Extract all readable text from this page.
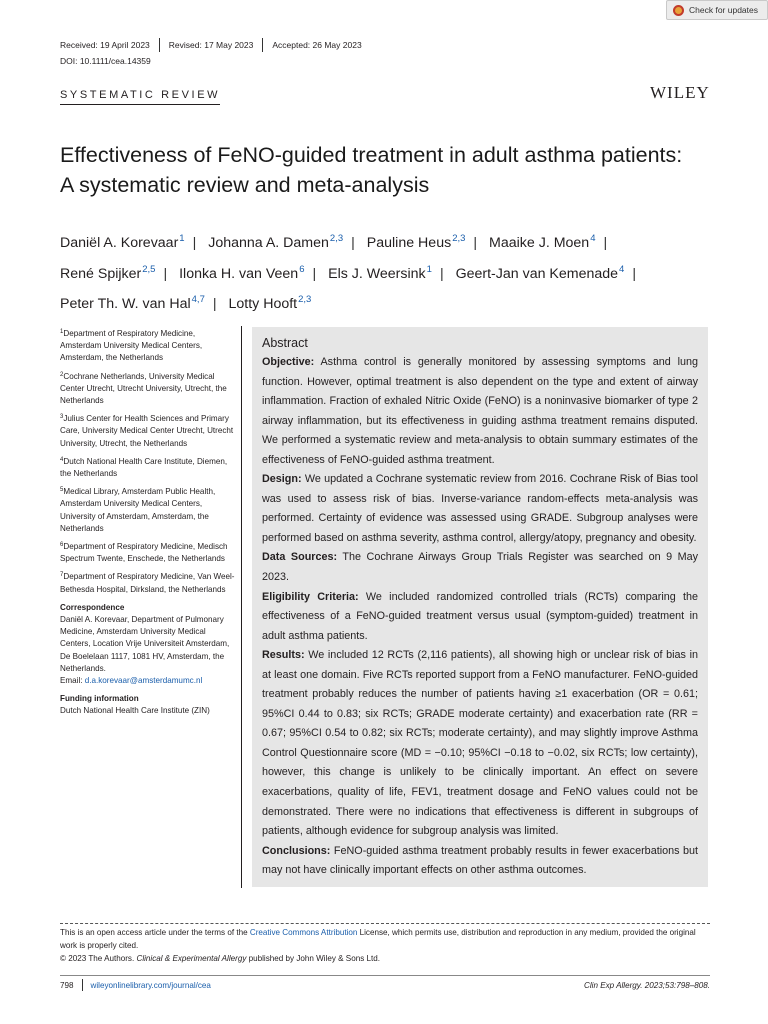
Check for updates
Received: 19 April 2023 Revised: 17 May 2023 Accepted: 26 May 2023
DOI: 10.1111/cea.14359
SYSTEMATIC REVIEW	WILEY
Effectiveness of FeNO-guided treatment in adult asthma patients: A systematic review and meta-analysis
Daniël A. Korevaar$^1$ | Johanna A. Damen$^{2,3}$ | Pauline Heus$^{2,3}$ | Maaike J. Moen$^4$ |
René Spijker$^{2,5}$ | Ilonka H. van Veen$^6$ | Els J. Weersink$^1$ | Geert-Jan van Kemenade$^4$ |
Peter Th. W. van Hal$^{4,7}$ | Lotty Hooft$^{2,3}$
$^1$Department of Respiratory Medicine, Amsterdam University Medical Centers, Amsterdam, the Netherlands
$^2$Cochrane Netherlands, University Medical Center Utrecht, Utrecht University, Utrecht, the Netherlands
$^3$Julius Center for Health Sciences and Primary Care, University Medical Center Utrecht, Utrecht University, Utrecht, the Netherlands
$^4$Dutch National Health Care Institute, Diemen, the Netherlands
$^5$Medical Library, Amsterdam Public Health, Amsterdam University Medical Centers, University of Amsterdam, Amsterdam, the Netherlands
$^6$Department of Respiratory Medicine, Medisch Spectrum Twente, Enschede, the Netherlands
$^7$Department of Respiratory Medicine, Van Weel-Bethesda Hospital, Dirksland, the Netherlands
Correspondence
Daniël A. Korevaar, Department of Pulmonary Medicine, Amsterdam University Medical Centers, Location Vrije Universiteit Amsterdam, De Boelelaan 1117, 1081 HV, Amsterdam, the Netherlands.
Email: d.a.korevaar@amsterdamumc.nl
Funding information
Dutch National Health Care Institute (ZIN)
Abstract

Objective: Asthma control is generally monitored by assessing symptoms and lung function. However, optimal treatment is also dependent on the type and extent of airway inflammation. Fraction of exhaled Nitric Oxide (FeNO) is a noninvasive biomarker of type 2 airway inflammation, but its effectiveness in guiding asthma treatment remains disputed. We performed a systematic review and meta-analysis to obtain summary estimates of the effectiveness of FeNO-guided asthma treatment.

Design: We updated a Cochrane systematic review from 2016. Cochrane Risk of Bias tool was used to assess risk of bias. Inverse-variance random-effects meta-analysis was performed. Certainty of evidence was assessed using GRADE. Subgroup analyses were performed based on asthma severity, asthma control, allergy/atopy, pregnancy and obesity.

Data Sources: The Cochrane Airways Group Trials Register was searched on 9 May 2023.

Eligibility Criteria: We included randomized controlled trials (RCTs) comparing the effectiveness of a FeNO-guided treatment versus usual (symptom-guided) treatment in adult asthma patients.

Results: We included 12 RCTs (2,116 patients), all showing high or unclear risk of bias in at least one domain. Five RCTs reported support from a FeNO manufacturer. FeNO-guided treatment probably reduces the number of patients having ≥1 exacerbation (OR = 0.61; 95%CI 0.44 to 0.83; six RCTs; GRADE moderate certainty) and exacerbation rate (RR = 0.67; 95%CI 0.54 to 0.82; six RCTs; moderate certainty), and may slightly improve Asthma Control Questionnaire score (MD = −0.10; 95%CI −0.18 to −0.02, six RCTs; low certainty), however, this change is unlikely to be clinically important. An effect on severe exacerbations, quality of life, FEV1, treatment dosage and FeNO values could not be demonstrated. There were no indications that effectiveness is different in subgroups of patients, although evidence for subgroup analysis was limited.

Conclusions: FeNO-guided asthma treatment probably results in fewer exacerbations but may not have clinically important effects on other asthma outcomes.

This is an open access article under the terms of the Creative Commons Attribution License, which permits use, distribution and reproduction in any medium, provided the original work is properly cited.
© 2023 The Authors. Clinical & Experimental Allergy published by John Wiley & Sons Ltd.
798 wileyonlinelibrary.com/journal/cea	Clin Exp Allergy. 2023;53:798–808.
